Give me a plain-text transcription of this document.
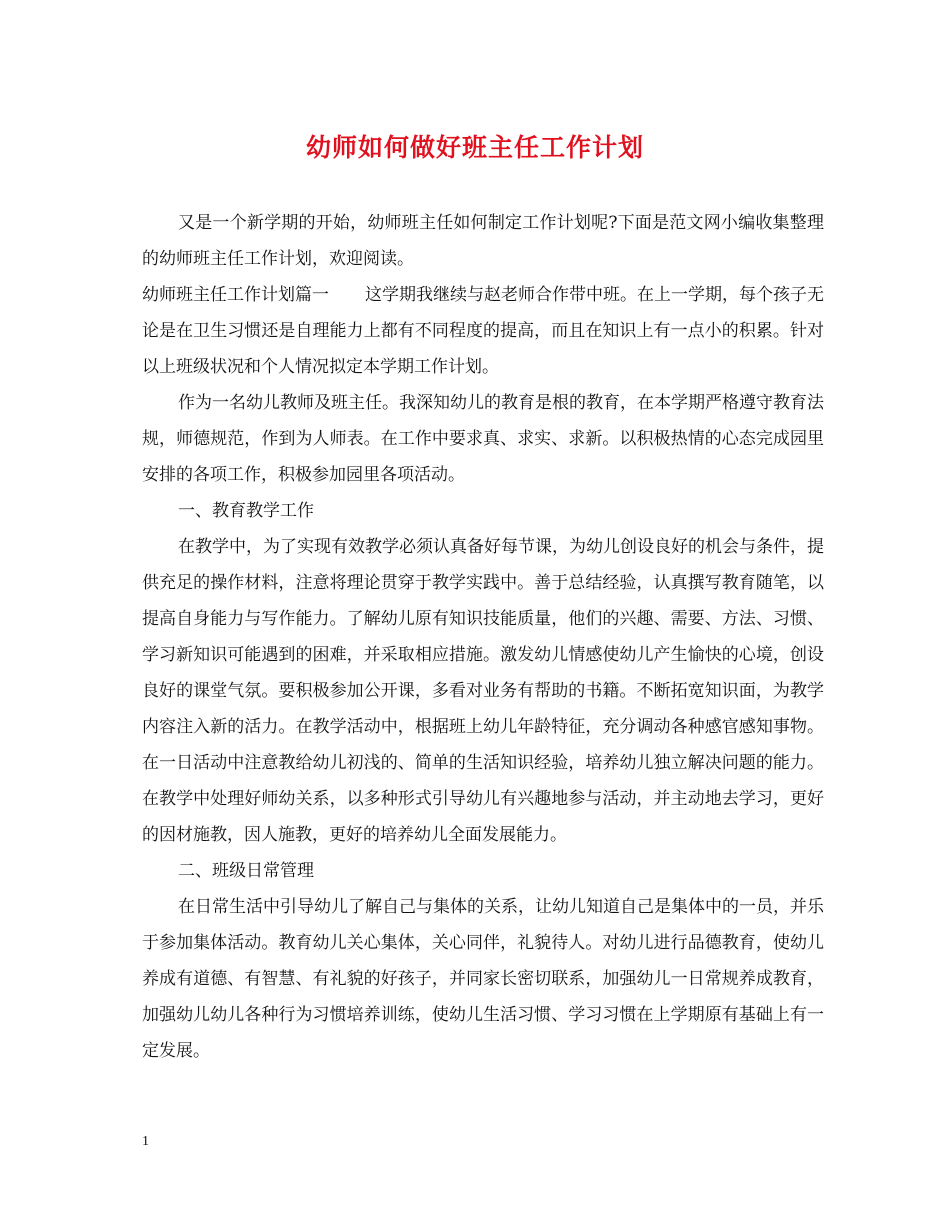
幼师如何做好班主任工作计划

又是一个新学期的开始，幼师班主任如何制定工作计划呢?下面是范文网小编收集整理的幼师班主任工作计划，欢迎阅读。

幼师班主任工作计划篇一 这学期我继续与赵老师合作带中班。在上一学期，每个孩子无论是在卫生习惯还是自理能力上都有不同程度的提高，而且在知识上有一点小的积累。针对以上班级状况和个人情况拟定本学期工作计划。

作为一名幼儿教师及班主任。我深知幼儿的教育是根的教育，在本学期严格遵守教育法规，师德规范，作到为人师表。在工作中要求真、求实、求新。以积极热情的心态完成园里安排的各项工作，积极参加园里各项活动。

一、教育教学工作

在教学中，为了实现有效教学必须认真备好每节课，为幼儿创设良好的机会与条件，提供充足的操作材料，注意将理论贯穿于教学实践中。善于总结经验，认真撰写教育随笔，以提高自身能力与写作能力。了解幼儿原有知识技能质量，他们的兴趣、需要、方法、习惯、学习新知识可能遇到的困难，并采取相应措施。激发幼儿情感使幼儿产生愉快的心境，创设良好的课堂气氛。要积极参加公开课，多看对业务有帮助的书籍。不断拓宽知识面，为教学内容注入新的活力。在教学活动中，根据班上幼儿年龄特征，充分调动各种感官感知事物。在一日活动中注意教给幼儿初浅的、简单的生活知识经验，培养幼儿独立解决问题的能力。在教学中处理好师幼关系，以多种形式引导幼儿有兴趣地参与活动，并主动地去学习，更好的因材施教，因人施教，更好的培养幼儿全面发展能力。

二、班级日常管理

在日常生活中引导幼儿了解自己与集体的关系，让幼儿知道自己是集体中的一员，并乐于参加集体活动。教育幼儿关心集体，关心同伴，礼貌待人。对幼儿进行品德教育，使幼儿养成有道德、有智慧、有礼貌的好孩子，并同家长密切联系，加强幼儿一日常规养成教育，加强幼儿幼儿各种行为习惯培养训练，使幼儿生活习惯、学习习惯在上学期原有基础上有一定发展。

1
